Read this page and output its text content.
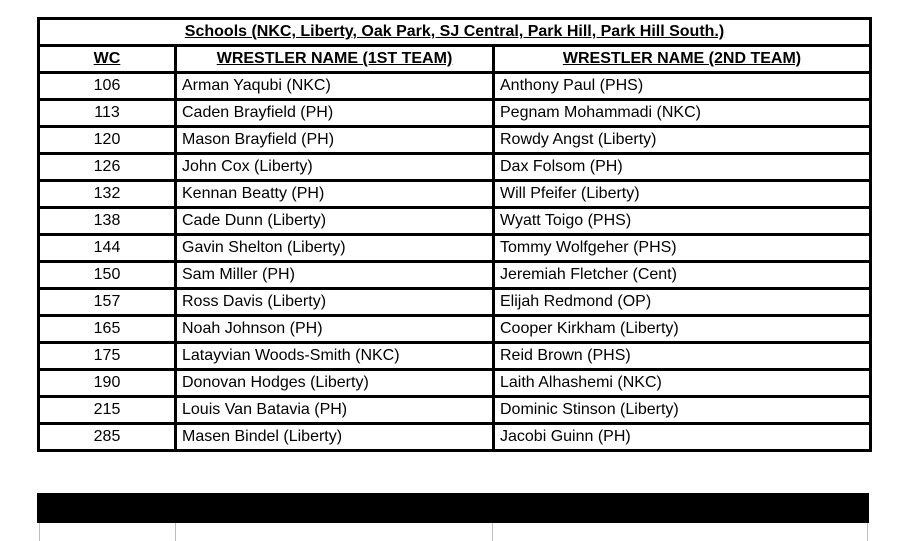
Schools (NKC, Liberty, Oak Park, SJ Central, Park Hill, Park Hill South.)		
WC	WRESTLER NAME (1ST TEAM)	WRESTLER NAME (2ND TEAM)
106	Arman Yaqubi (NKC)	Anthony Paul (PHS)
113	Caden Brayfield (PH)	Pegnam Mohammadi (NKC)
120	Mason Brayfield (PH)	Rowdy Angst (Liberty)
126	John Cox (Liberty)	Dax Folsom (PH)
132	Kennan Beatty (PH)	Will Pfeifer (Liberty)
138	Cade Dunn (Liberty)	Wyatt Toigo (PHS)
144	Gavin Shelton (Liberty)	Tommy Wolfgeher (PHS)
150	Sam Miller (PH)	Jeremiah Fletcher (Cent)
157	Ross Davis (Liberty)	Elijah Redmond (OP)
165	Noah Johnson (PH)	Cooper Kirkham (Liberty)
175	Latayvian Woods-Smith (NKC)	Reid Brown (PHS)
190	Donovan Hodges (Liberty)	Laith Alhashemi (NKC)
215	Louis Van Batavia (PH)	Dominic Stinson (Liberty)
285	Masen Bindel (Liberty)	Jacobi Guinn (PH)
